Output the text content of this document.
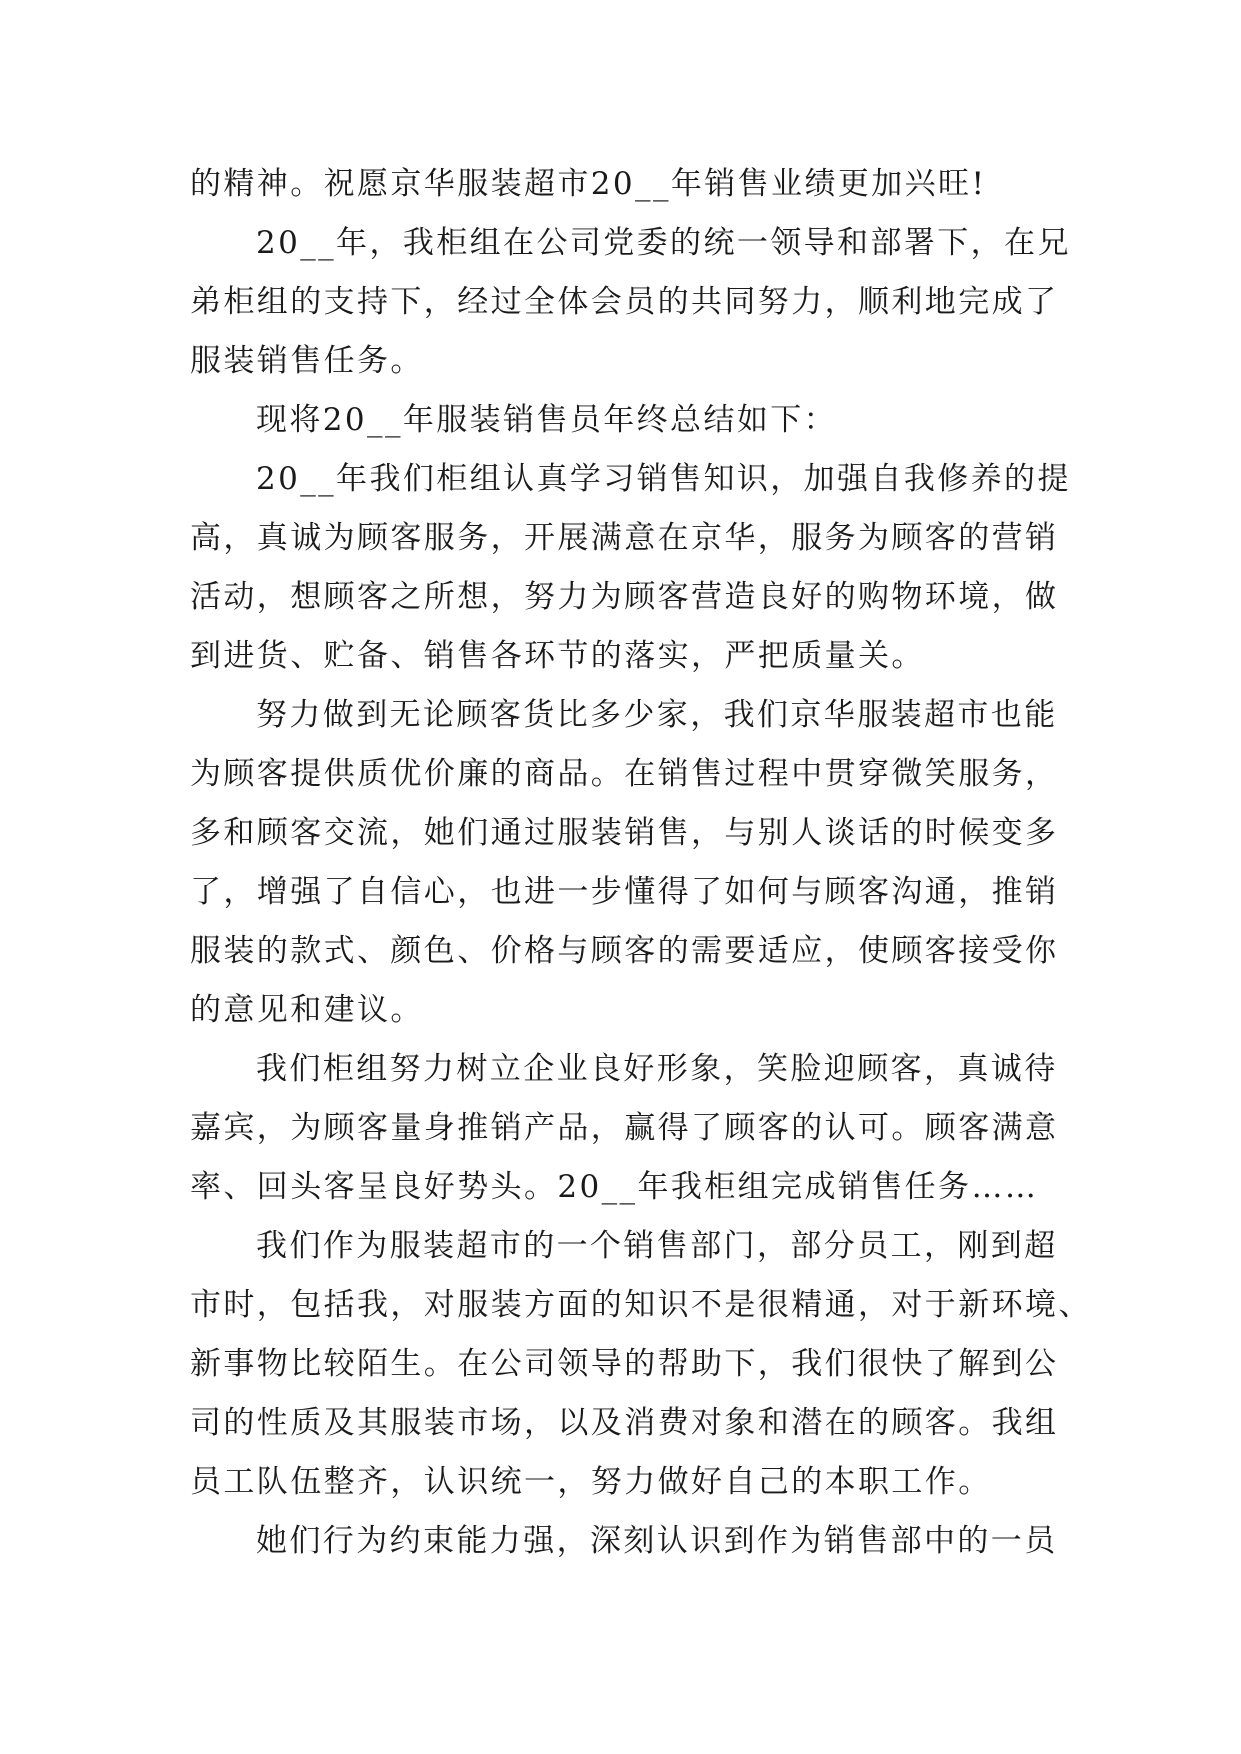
的精神。祝愿京华服装超市20__年销售业绩更加兴旺!
20__年，我柜组在公司党委的统一领导和部署下，在兄
弟柜组的支持下，经过全体会员的共同努力，顺利地完成了
服装销售任务。
现将20__年服装销售员年终总结如下：
20__年我们柜组认真学习销售知识，加强自我修养的提
高，真诚为顾客服务，开展满意在京华，服务为顾客的营销
活动，想顾客之所想，努力为顾客营造良好的购物环境，做
到进货、贮备、销售各环节的落实，严把质量关。
努力做到无论顾客货比多少家，我们京华服装超市也能
为顾客提供质优价廉的商品。在销售过程中贯穿微笑服务，
多和顾客交流，她们通过服装销售，与别人谈话的时候变多
了，增强了自信心，也进一步懂得了如何与顾客沟通，推销
服装的款式、颜色、价格与顾客的需要适应，使顾客接受你
的意见和建议。
我们柜组努力树立企业良好形象，笑脸迎顾客，真诚待
嘉宾，为顾客量身推销产品，赢得了顾客的认可。顾客满意
率、回头客呈良好势头。20__年我柜组完成销售任务……
我们作为服装超市的一个销售部门，部分员工，刚到超
市时，包括我，对服装方面的知识不是很精通，对于新环境、
新事物比较陌生。在公司领导的帮助下，我们很快了解到公
司的性质及其服装市场，以及消费对象和潜在的顾客。我组
员工队伍整齐，认识统一，努力做好自己的本职工作。
她们行为约束能力强，深刻认识到作为销售部中的一员
